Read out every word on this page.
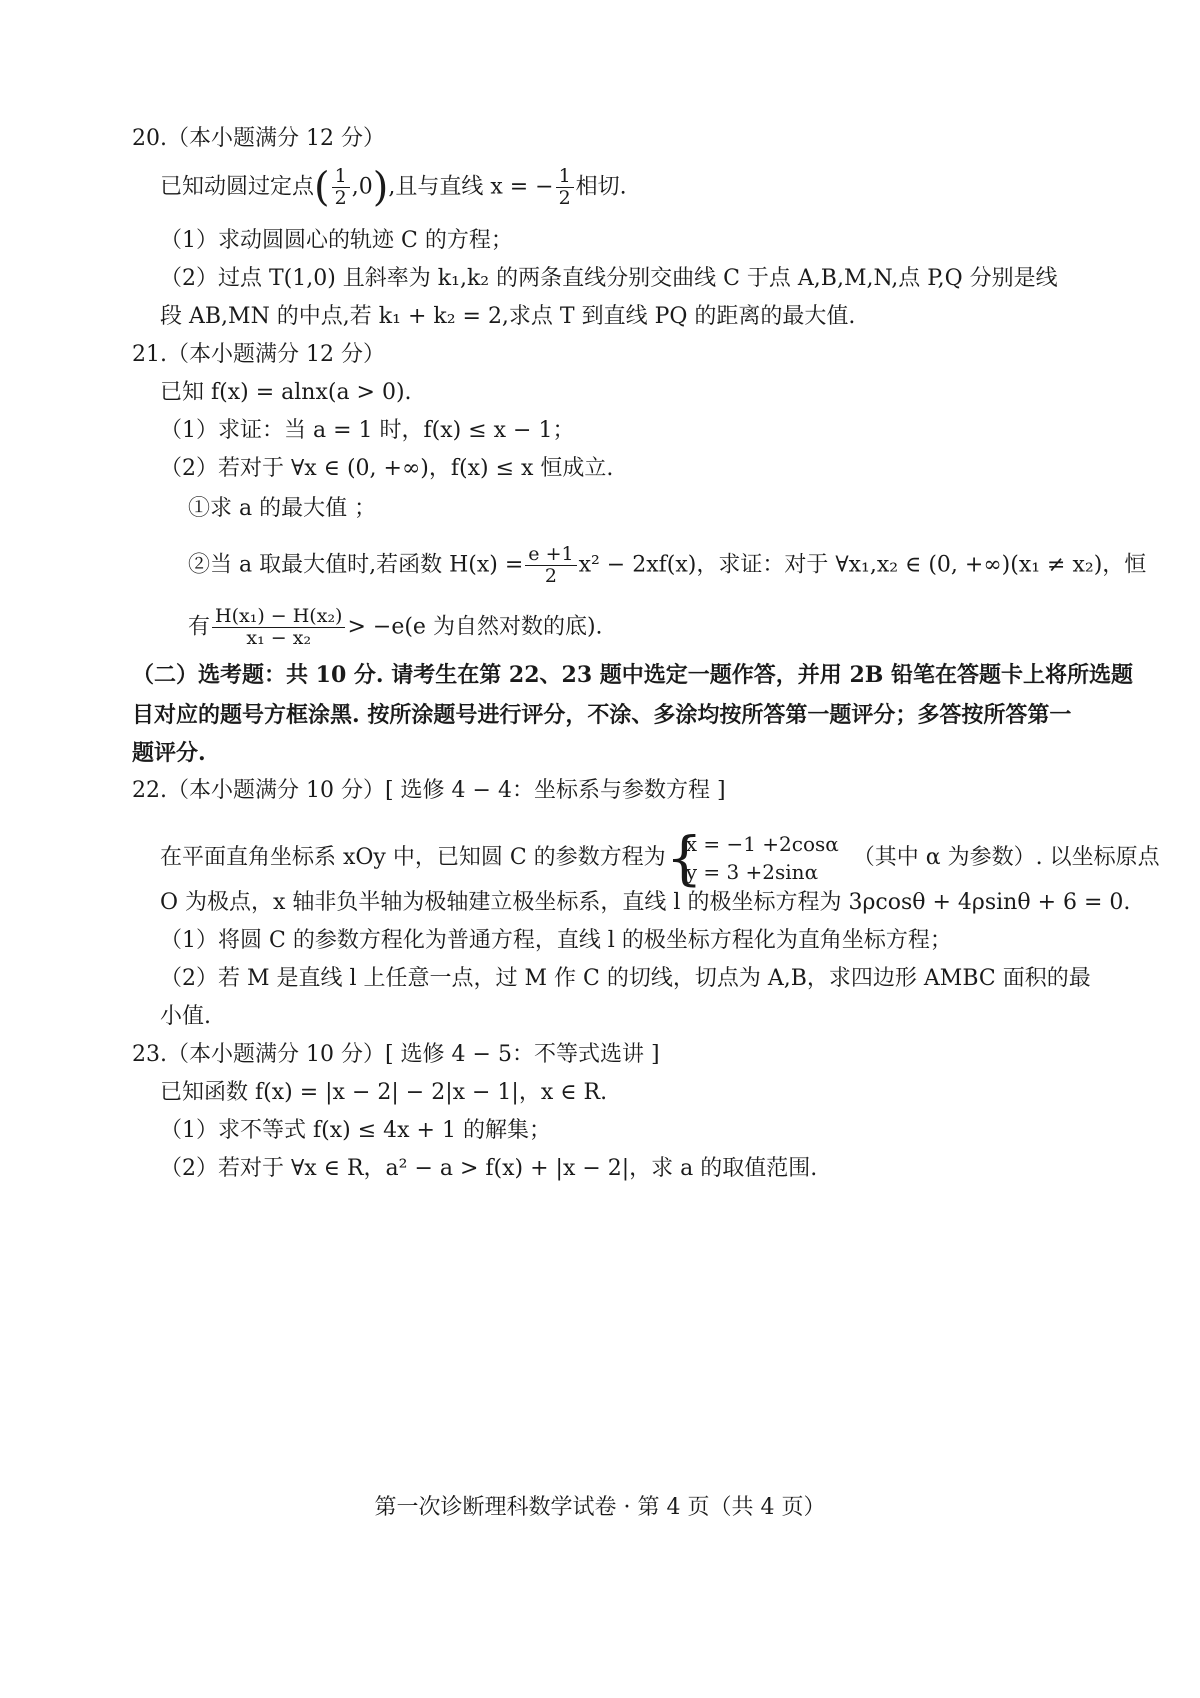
20.（本小题满分 12 分）
已知动圆过定点( $\frac{1}{2} ,0$),且与直线 x = − $\frac{1}{2}$ 相切.
（1）求动圆圆心的轨迹 C 的方程；
（2）过点 T(1,0) 且斜率为 k₁,k₂ 的两条直线分别交曲线 C 于点 A,B,M,N,点 P,Q 分别是线
段 AB,MN 的中点,若 k₁ + k₂ = 2,求点 T 到直线 PQ 的距离的最大值.
21.（本小题满分 12 分）
已知 f(x) = alnx(a > 0).
（1）求证：当 a = 1 时，f(x) ≤ x − 1；
（2）若对于 ∀x ∈ (0, +∞)，f(x) ≤ x 恒成立.
①求 a 的最大值 ；
②当 a 取最大值时,若函数 $H(x) = \frac{e +1}{2} x^2 - 2xf(x)$，求证：对于 ∀x₁,x₂ ∈ (0, +∞)(x₁ ≠ x₂)，恒
有 $\frac{\text{H(x₁) − H(x₂)}}{\text{x₁ − x₂}} > -e(e$ 为自然对数的底).
（二）选考题：共 10 分. 请考生在第 22、23 题中选定一题作答，并用 2B 铅笔在答题卡上将所选题
目对应的题号方框涂黑. 按所涂题号进行评分，不涂、多涂均按所答第一题评分；多答按所答第一
题评分.
22.（本小题满分 10 分）[ 选修 4 − 4：坐标系与参数方程 ]
在平面直角坐标系 xOy 中，已知圆 C 的参数方程为 {
x = −1 +2cosα
y = 3 +2sinα
（其中 α 为参数）. 以坐标原点
O 为极点，x 轴非负半轴为极轴建立极坐标系，直线 l 的极坐标方程为 3ρcosθ + 4ρsinθ + 6 = 0.
（1）将圆 C 的参数方程化为普通方程，直线 l 的极坐标方程化为直角坐标方程；
（2）若 M 是直线 l 上任意一点，过 M 作 C 的切线，切点为 A,B，求四边形 AMBC 面积的最
小值.
23.（本小题满分 10 分）[ 选修 4 − 5：不等式选讲 ]
已知函数 f(x) = |x − 2| − 2|x − 1|，x ∈ R.
（1）求不等式 f(x) ≤ 4x + 1 的解集；
（2）若对于 ∀x ∈ R，a² − a > f(x) + |x − 2|，求 a 的取值范围.
第一次诊断理科数学试卷 · 第 4 页（共 4 页）
